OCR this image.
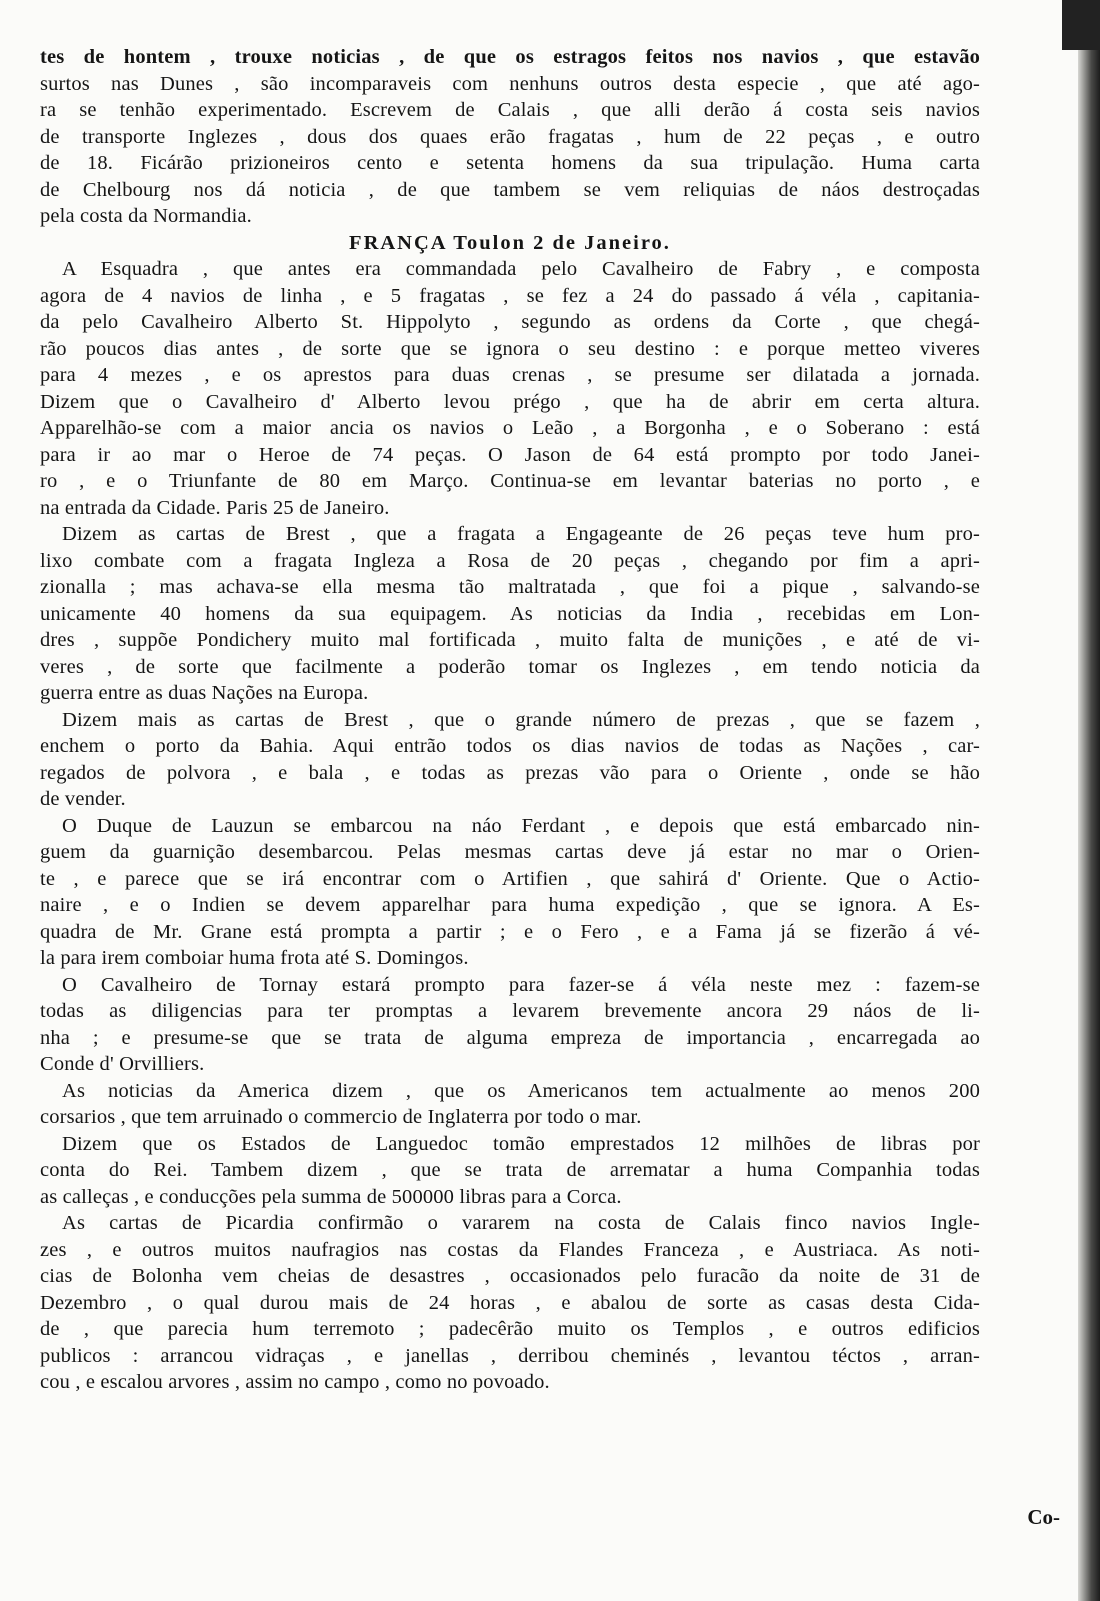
tes de hontem , trouxe noticias , de que os estragos feitos nos navios , que estavão
surtos nas Dunes , são incomparaveis com nenhuns outros desta especie , que até ago-
ra se tenhão experimentado. Escrevem de Calais , que alli derão á costa seis navios
de transporte Inglezes , dous dos quaes erão fragatas , hum de 22 peças , e outro
de 18. Ficárão prizioneiros cento e setenta homens da sua tripulação. Huma carta
de Chelbourg nos dá noticia , de que tambem se vem reliquias de náos destroçadas
pela costa da Normandia.
FRANÇA Toulon 2 de Janeiro.
A Esquadra , que antes era commandada pelo Cavalheiro de Fabry , e composta
agora de 4 navios de linha , e 5 fragatas , se fez a 24 do passado á véla , capitania-
da pelo Cavalheiro Alberto St. Hippolyto , segundo as ordens da Corte , que chegá-
rão poucos dias antes , de sorte que se ignora o seu destino : e porque metteo viveres
para 4 mezes , e os aprestos para duas crenas , se presume ser dilatada a jornada.
Dizem que o Cavalheiro d' Alberto levou prégo , que ha de abrir em certa altura.
Apparelhão-se com a maior ancia os navios o Leão , a Borgonha , e o Soberano : está
para ir ao mar o Heroe de 74 peças. O Jason de 64 está prompto por todo Janei-
ro , e o Triunfante de 80 em Março. Continua-se em levantar baterias no porto , e
na entrada da Cidade. Paris 25 de Janeiro.
Dizem as cartas de Brest , que a fragata a Engageante de 26 peças teve hum pro-
lixo combate com a fragata Ingleza a Rosa de 20 peças , chegando por fim a apri-
zionalla ; mas achava-se ella mesma tão maltratada , que foi a pique , salvando-se
unicamente 40 homens da sua equipagem. As noticias da India , recebidas em Lon-
dres , suppõe Pondichery muito mal fortificada , muito falta de munições , e até de vi-
veres , de sorte que facilmente a poderão tomar os Inglezes , em tendo noticia da
guerra entre as duas Nações na Europa.
Dizem mais as cartas de Brest , que o grande número de prezas , que se fazem ,
enchem o porto da Bahia. Aqui entrão todos os dias navios de todas as Nações , car-
regados de polvora , e bala , e todas as prezas vão para o Oriente , onde se hão
de vender.
O Duque de Lauzun se embarcou na náo Ferdant , e depois que está embarcado nin-
guem da guarnição desembarcou. Pelas mesmas cartas deve já estar no mar o Orien-
te , e parece que se irá encontrar com o Artifien , que sahirá d' Oriente. Que o Actio-
naire , e o Indien se devem apparelhar para huma expedição , que se ignora. A Es-
quadra de Mr. Grane está prompta a partir ; e o Fero , e a Fama já se fizerão á vé-
la para irem comboiar huma frota até S. Domingos.
O Cavalheiro de Tornay estará prompto para fazer-se á véla neste mez : fazem-se
todas as diligencias para ter promptas a levarem brevemente ancora 29 náos de li-
nha ; e presume-se que se trata de alguma empreza de importancia , encarregada ao
Conde d' Orvilliers.
As noticias da America dizem , que os Americanos tem actualmente ao menos 200
corsarios , que tem arruinado o commercio de Inglaterra por todo o mar.
Dizem que os Estados de Languedoc tomão emprestados 12 milhões de libras por
conta do Rei. Tambem dizem , que se trata de arrematar a huma Companhia todas
as calleças , e conducções pela summa de 500000 libras para a Corca.
As cartas de Picardia confirmão o vararem na costa de Calais finco navios Ingle-
zes , e outros muitos naufragios nas costas da Flandes Franceza , e Austriaca. As noti-
cias de Bolonha vem cheias de desastres , occasionados pelo furacão da noite de 31 de
Dezembro , o qual durou mais de 24 horas , e abalou de sorte as casas desta Cida-
de , que parecia hum terremoto ; padecêrão muito os Templos , e outros edificios
publicos : arrancou vidraças , e janellas , derribou cheminés , levantou téctos , arran-
cou , e escalou arvores , assim no campo , como no povoado.
Co-
